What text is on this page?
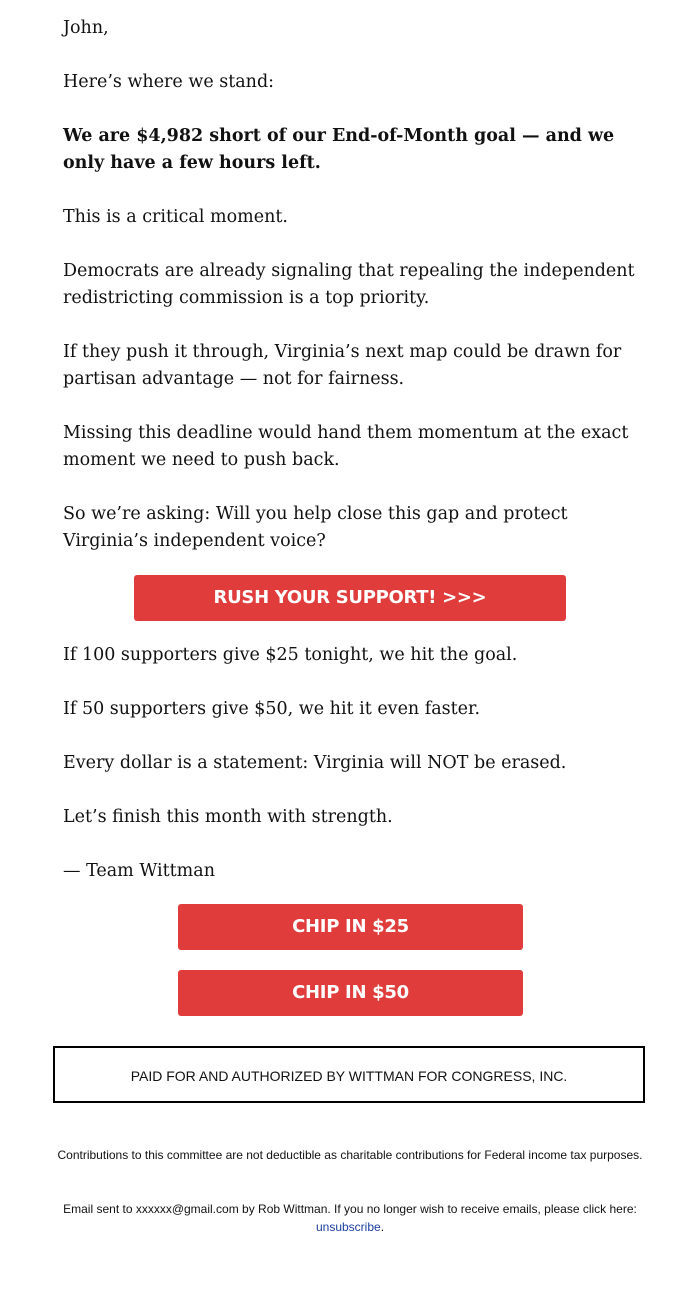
John,

Here’s where we stand:

We are $4,982 short of our End-of-Month goal — and we only have a few hours left.

This is a critical moment.

Democrats are already signaling that repealing the independent redistricting commission is a top priority.

If they push it through, Virginia’s next map could be drawn for partisan advantage — not for fairness.

Missing this deadline would hand them momentum at the exact moment we need to push back.

So we’re asking: Will you help close this gap and protect Virginia’s independent voice?

If 100 supporters give $25 tonight, we hit the goal.

If 50 supporters give $50, we hit it even faster.

Every dollar is a statement: Virginia will NOT be erased.

Let’s finish this month with strength.

— Team Wittman

RUSH YOUR SUPPORT! >>>
CHIP IN $25
CHIP IN $50
PAID FOR AND AUTHORIZED BY WITTMAN FOR CONGRESS, INC.
Contributions to this committee are not deductible as charitable contributions for Federal income tax purposes.
Email sent to xxxxxx@gmail.com by Rob Wittman. If you no longer wish to receive emails, please click here:
unsubscribe.
